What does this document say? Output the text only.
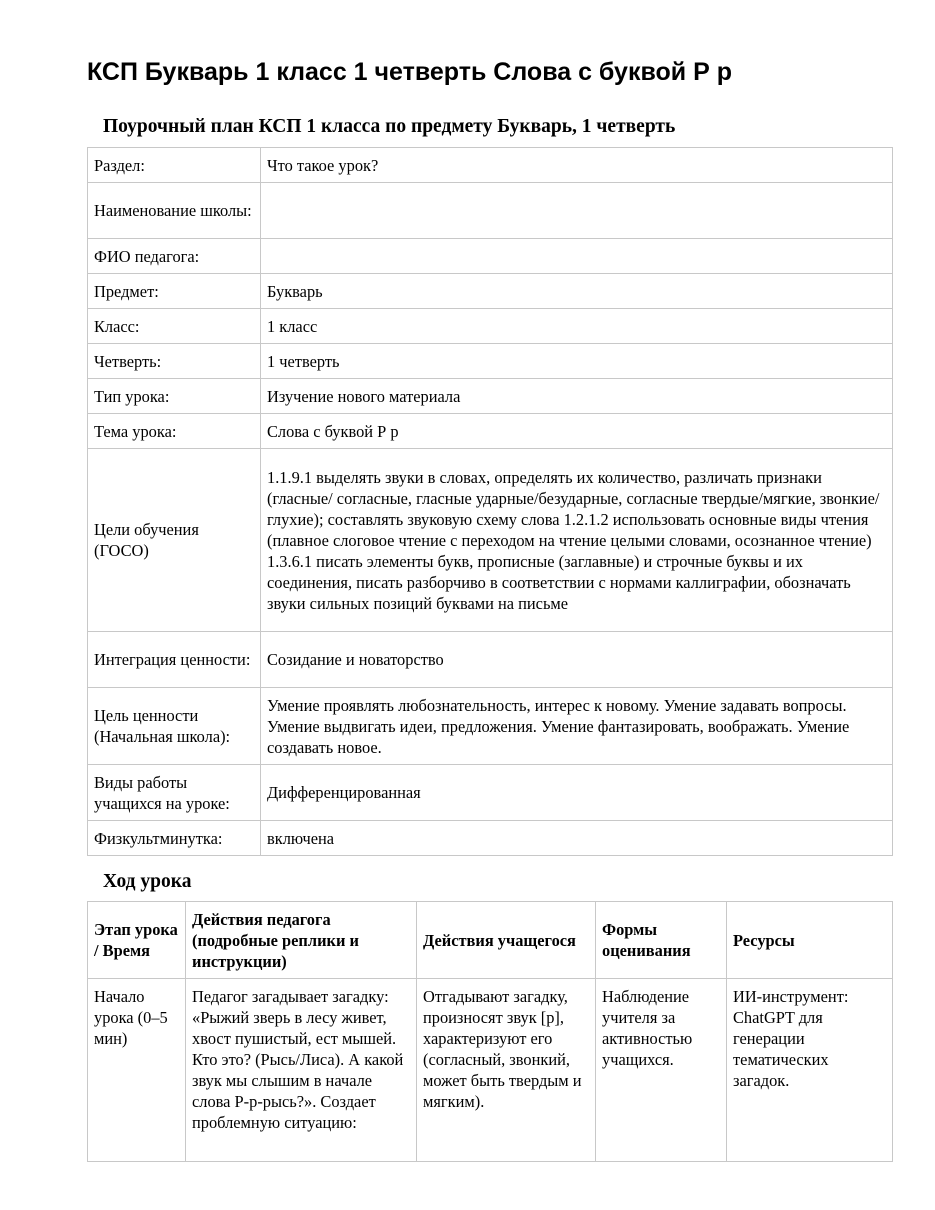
КСП Букварь 1 класс 1 четверть Слова с буквой Р р
Поурочный план КСП 1 класса по предмету Букварь, 1 четверть
Раздел:	Что такое урок?
Наименование школы:	
ФИО педагога:	
Предмет:	Букварь
Класс:	1 класс
Четверть:	1 четверть
Тип урока:	Изучение нового материала
Тема урока:	Слова с буквой Р р
Цели обучения (ГОСО)	1.1.9.1 выделять звуки в словах, определять их количество, различать признаки (гласные/ согласные, гласные ударные/безударные, согласные твердые/мягкие, звонкие/глухие); составлять звуковую схему слова 1.2.1.2 использовать основные виды чтения (плавное слоговое чтение с переходом на чтение целыми словами, осознанное чтение) 1.3.6.1 писать элементы букв, прописные (заглавные) и строчные буквы и их соединения, писать разборчиво в соответствии с нормами каллиграфии, обозначать звуки сильных позиций буквами на письме
Интеграция ценности:	Созидание и новаторство
Цель ценности (Начальная школа):	Умение проявлять любознательность, интерес к новому. Умение задавать вопросы. Умение выдвигать идеи, предложения. Умение фантазировать, воображать. Умение создавать новое.
Виды работы учащихся на уроке:	Дифференцированная
Физкультминутка:	включена
Ход урока
Этап урока / Время	Действия педагога (подробные реплики и инструкции)	Действия учащегося	Формы оценивания	Ресурсы
Начало урока (0–5 мин)	Педагог загадывает загадку: «Рыжий зверь в лесу живет, хвост пушистый, ест мышей. Кто это? (Рысь/Лиса). А какой звук мы слышим в начале слова Р-р-рысь?». Создает проблемную ситуацию:	Отгадывают загадку, произносят звук [р], характеризуют его (согласный, звонкий, может быть твердым и мягким).	Наблюдение учителя за активностью учащихся.	ИИ-инструмент: ChatGPT для генерации тематических загадок.
